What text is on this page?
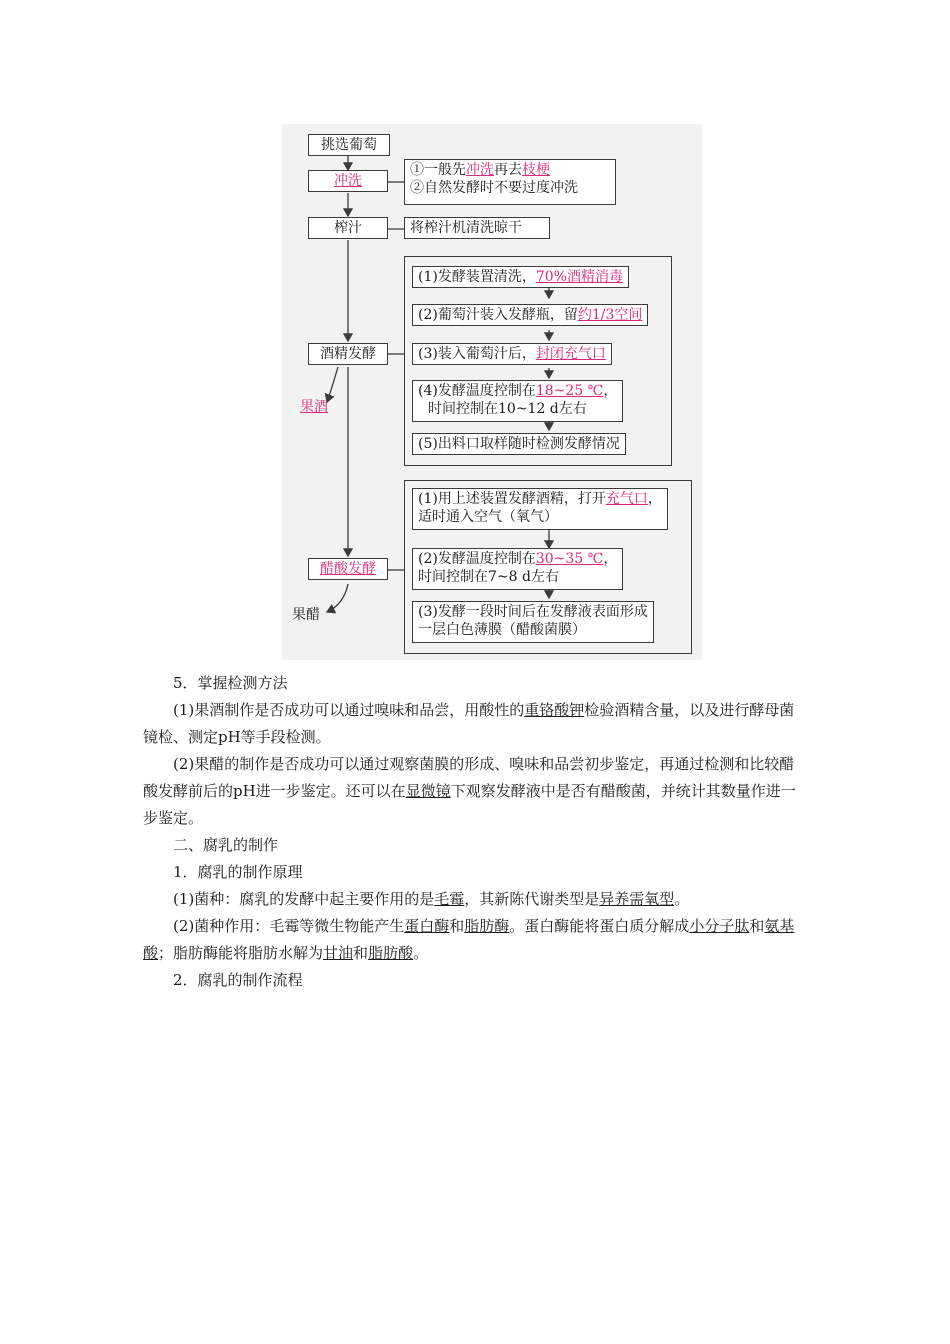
挑选葡萄
冲洗
①一般先冲洗再去枝梗
②自然发酵时不要过度冲洗
榨汁	将榨汁机清洗晾干
酒精发酵
果酒
(1)发酵装置清洗，70%酒精消毒
(2)葡萄汁装入发酵瓶，留约1/3空间
(3)装入葡萄汁后，封闭充气口
(4)发酵温度控制在18~25 ℃，
时间控制在10~12 d左右
(5)出料口取样随时检测发酵情况
醋酸发酵
果醋
(1)用上述装置发酵酒精，打开充气口，
适时通入空气（氧气）
(2)发酵温度控制在30~35 ℃，
时间控制在7~8 d左右
(3)发酵一段时间后在发酵液表面形成
一层白色薄膜（醋酸菌膜）
5．掌握检测方法
(1)果酒制作是否成功可以通过嗅味和品尝，用酸性的重铬酸钾检验酒精含量，以及进行酵母菌镜检、测定pH等手段检测。
(2)果醋的制作是否成功可以通过观察菌膜的形成、嗅味和品尝初步鉴定，再通过检测和比较醋酸发酵前后的pH进一步鉴定。还可以在显微镜下观察发酵液中是否有醋酸菌，并统计其数量作进一步鉴定。
二、腐乳的制作
1．腐乳的制作原理
(1)菌种：腐乳的发酵中起主要作用的是毛霉，其新陈代谢类型是异养需氧型。
(2)菌种作用：毛霉等微生物能产生蛋白酶和脂肪酶。蛋白酶能将蛋白质分解成小分子肽和氨基酸；脂肪酶能将脂肪水解为甘油和脂肪酸。
2．腐乳的制作流程
